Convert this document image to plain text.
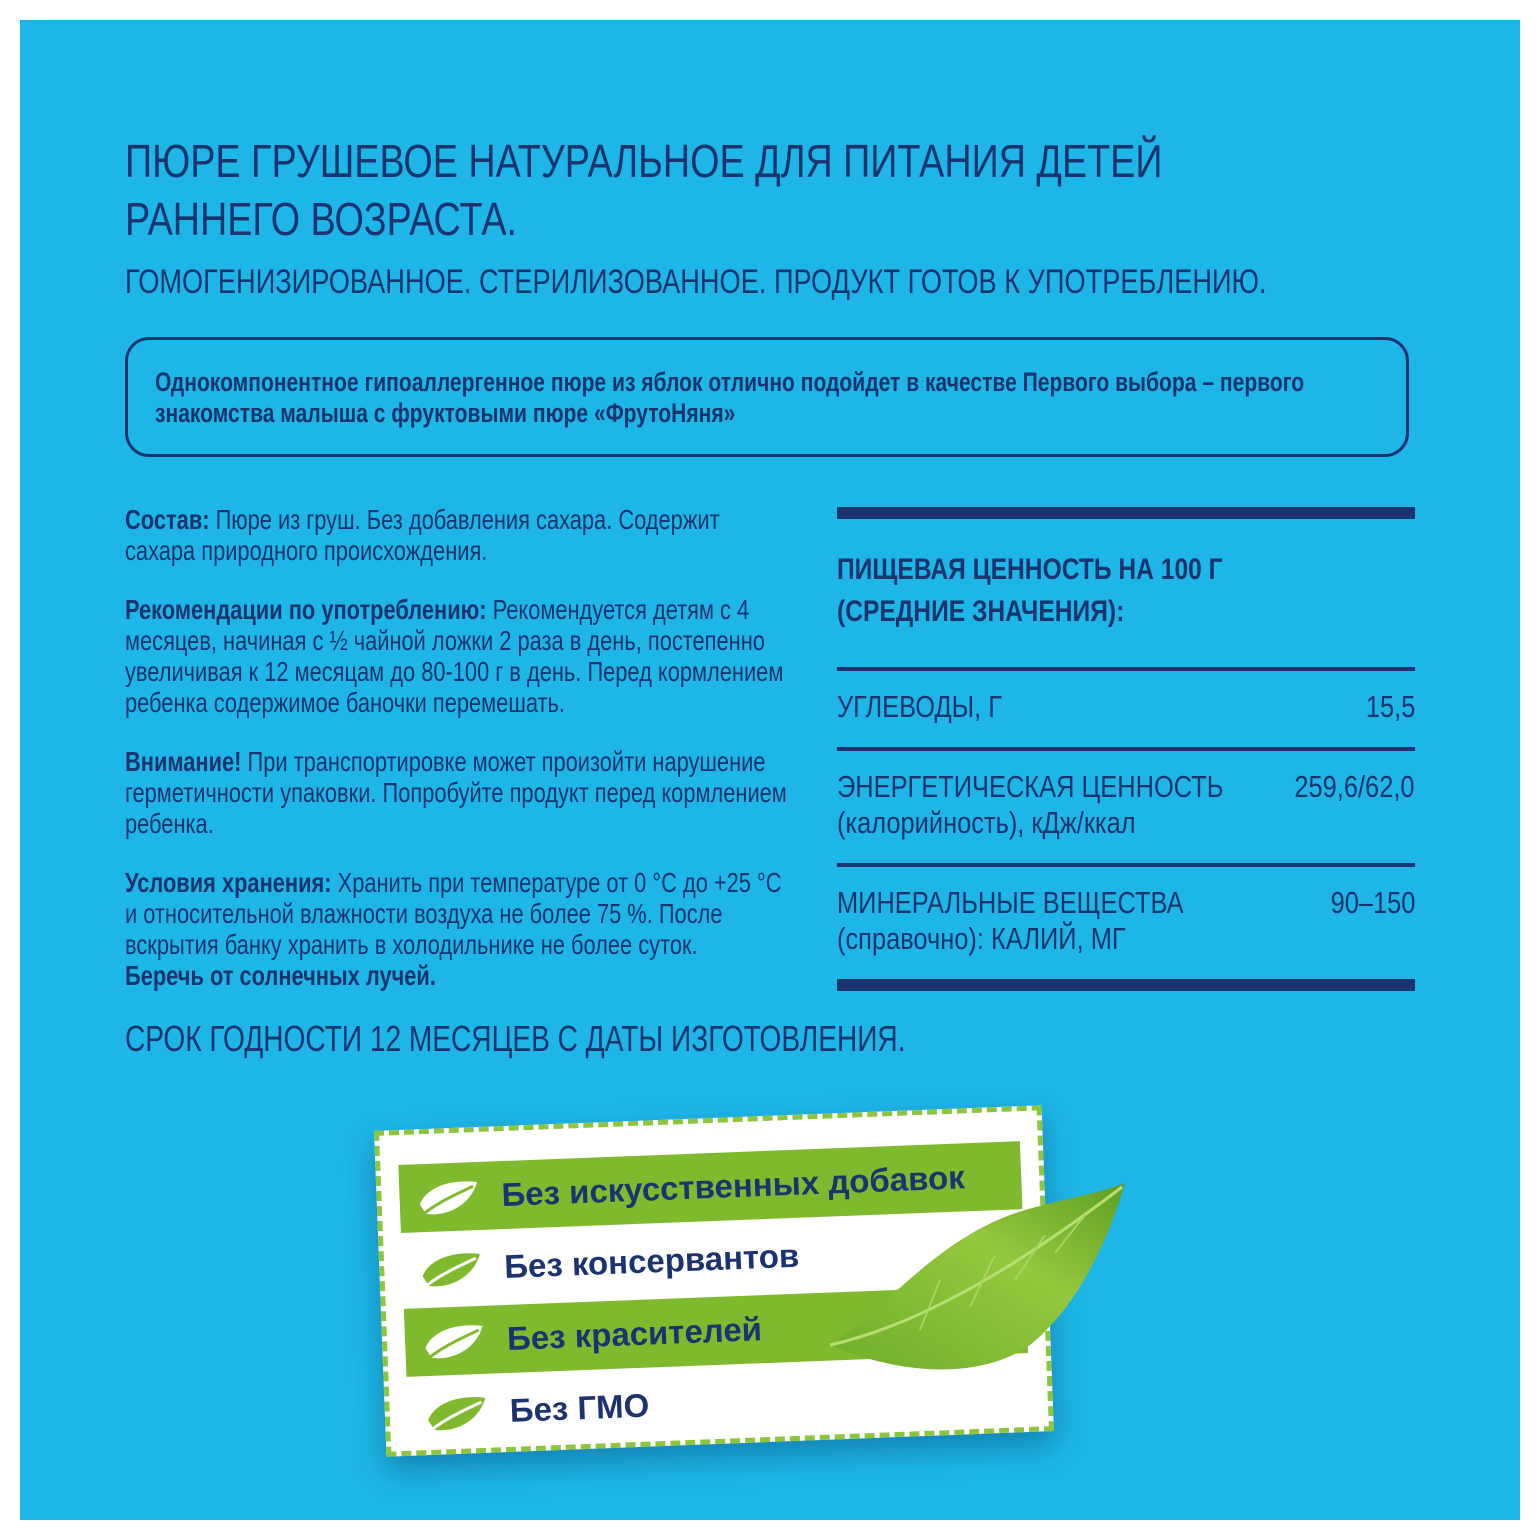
ПЮРЕ ГРУШЕВОЕ НАТУРАЛЬНОЕ ДЛЯ ПИТАНИЯ ДЕТЕЙ
РАННЕГО ВОЗРАСТА.

ГОМОГЕНИЗИРОВАННОЕ. СТЕРИЛИЗОВАННОЕ. ПРОДУКТ ГОТОВ К УПОТРЕБЛЕНИЮ.

Однокомпонентное гипоаллергенное пюре из яблок отлично подойдет в качестве Первого выбора – первого
знакомства малыша с фруктовыми пюре «ФрутоНяня»

Состав: Пюре из груш. Без добавления сахара. Содержит сахара природного происхождения.

Рекомендации по употреблению: Рекомендуется детям с 4 месяцев, начиная с ½ чайной ложки 2 раза в день, постепенно увеличивая к 12 месяцам до 80-100 г в день. Перед кормлением ребенка содержимое баночки перемешать.

Внимание! При транспортировке может произойти нарушение герметичности упаковки. Попробуйте продукт перед кормлением ребенка.

Условия хранения: Хранить при температуре от 0 °С до +25 °С и относительной влажности воздуха не более 75 %. После вскрытия банку хранить в холодильнике не более суток.
Беречь от солнечных лучей.

СРОК ГОДНОСТИ 12 МЕСЯЦЕВ С ДАТЫ ИЗГОТОВЛЕНИЯ.

ПИЩЕВАЯ ЦЕННОСТЬ НА 100 Г
(СРЕДНИЕ ЗНАЧЕНИЯ):

УГЛЕВОДЫ, Г	15,5

ЭНЕРГЕТИЧЕСКАЯ ЦЕННОСТЬ
(калорийность), кДж/ккал

259,6/62,0

МИНЕРАЛЬНЫЕ ВЕЩЕСТВА
(справочно): КАЛИЙ, МГ

90–150

Без искусственных добавок

Без консервантов

Без красителей

Без ГМО
